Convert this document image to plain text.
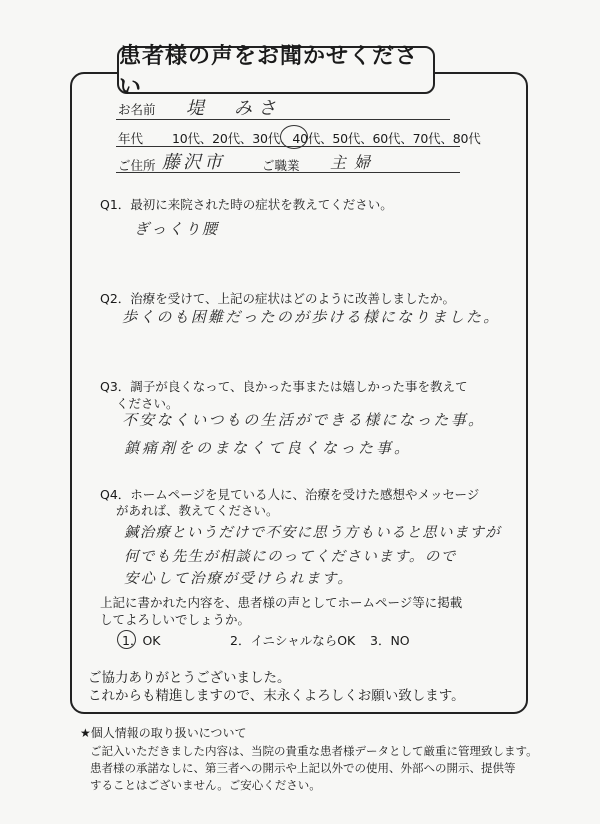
患者様の声をお聞かせください
お名前 堤　みさ
年代 10代、20代、30代、40代、50代、60代、70代、80代
ご住所 藤沢市	ご職業 主婦
Q1．最初に来院された時の症状を教えてください。
ぎっくり腰
Q2．治療を受けて、上記の症状はどのように改善しましたか。
歩くのも困難だったのが歩ける様になりました。
Q3．調子が良くなって、良かった事または嬉しかった事を教えて
ください。
不安なくいつもの生活ができる様になった事。
鎮痛剤をのまなくて良くなった事。
Q4．ホームページを見ている人に、治療を受けた感想やメッセージ
があれば、教えてください。
鍼治療というだけで不安に思う方もいると思いますが
何でも先生が相談にのってくださいます。ので
安心して治療が受けられます。
上記に書かれた内容を、患者様の声としてホームページ等に掲載
してよろしいでしょうか。
1．OK	2．イニシャルならOK 3．NO
ご協力ありがとうございました。
これからも精進しますので、末永くよろしくお願い致します。
★個人情報の取り扱いについて
ご記入いただきました内容は、当院の貴重な患者様データとして厳重に管理致します。
患者様の承諾なしに、第三者への開示や上記以外での使用、外部への開示、提供等
することはございません。ご安心ください。
